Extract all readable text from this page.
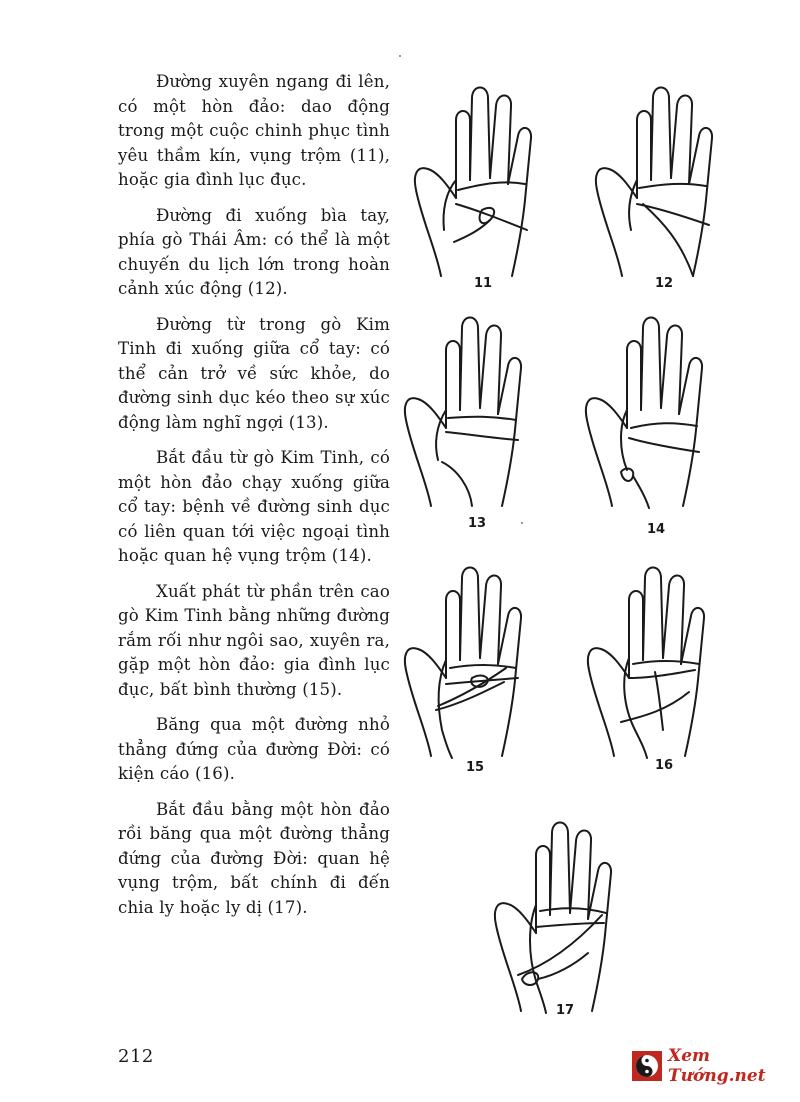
Đường xuyên ngang đi lên, có một hòn đảo: dao động trong một cuộc chinh phục tình yêu thầm kín, vụng trộm (11), hoặc gia đình lục đục.

Đường đi xuống bìa tay, phía gò Thái Âm: có thể là một chuyến du lịch lớn trong hoàn cảnh xúc động (12).

Đường từ trong gò Kim Tinh đi xuống giữa cổ tay: có thể cản trở về sức khỏe, do đường sinh dục kéo theo sự xúc động làm nghĩ ngợi (13).

Bắt đầu từ gò Kim Tinh, có một hòn đảo chạy xuống giữa cổ tay: bệnh về đường sinh dục có liên quan tới việc ngoại tình hoặc quan hệ vụng trộm (14).

Xuất phát từ phần trên cao gò Kim Tinh bằng những đường rắm rối như ngôi sao, xuyên ra, gặp một hòn đảo: gia đình lục đục, bất bình thường (15).

Băng qua một đường nhỏ thẳng đứng của đường Đời: có kiện cáo (16).

Bắt đầu bằng một hòn đảo rồi băng qua một đường thẳng đứng của đường Đời: quan hệ vụng trộm, bất chính đi đến chia ly hoặc ly dị (17).

11	12
13	14
15	16
17
212	Xem Tướng.net
